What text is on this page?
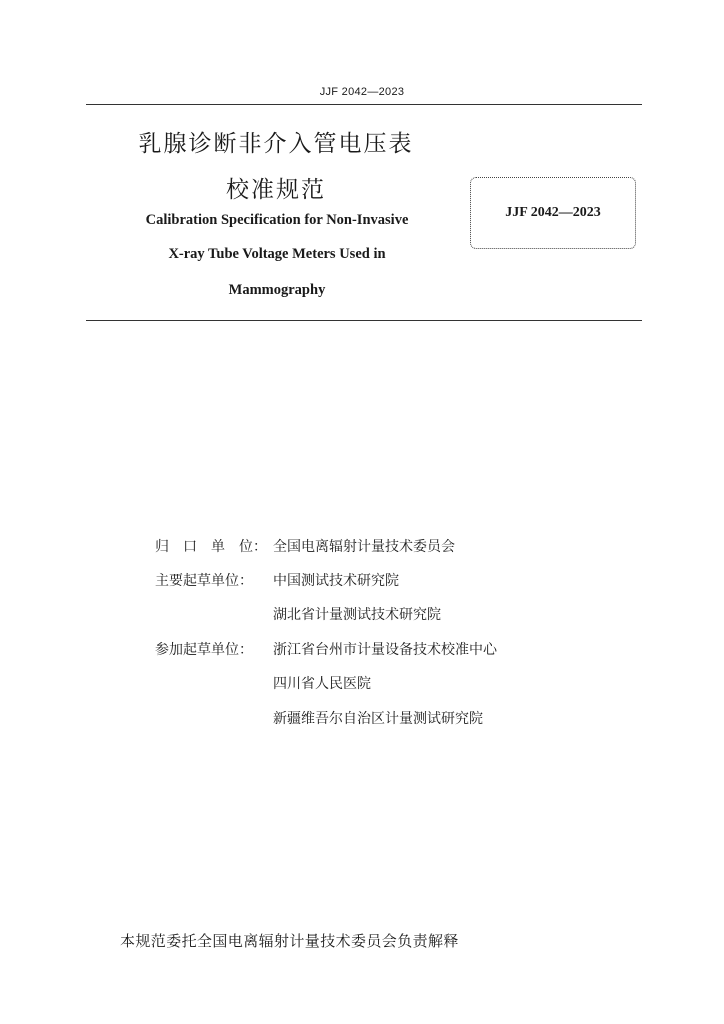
JJF 2042—2023
乳腺诊断非介入管电压表
校准规范
Calibration Specification for Non-Invasive
X-ray Tube Voltage Meters Used in
Mammography
JJF 2042—2023
归　口　单　位： 全国电离辐射计量技术委员会
主要起草单位： 中国测试技术研究院
湖北省计量测试技术研究院
参加起草单位： 浙江省台州市计量设备技术校准中心
四川省人民医院
新疆维吾尔自治区计量测试研究院
本规范委托全国电离辐射计量技术委员会负责解释
